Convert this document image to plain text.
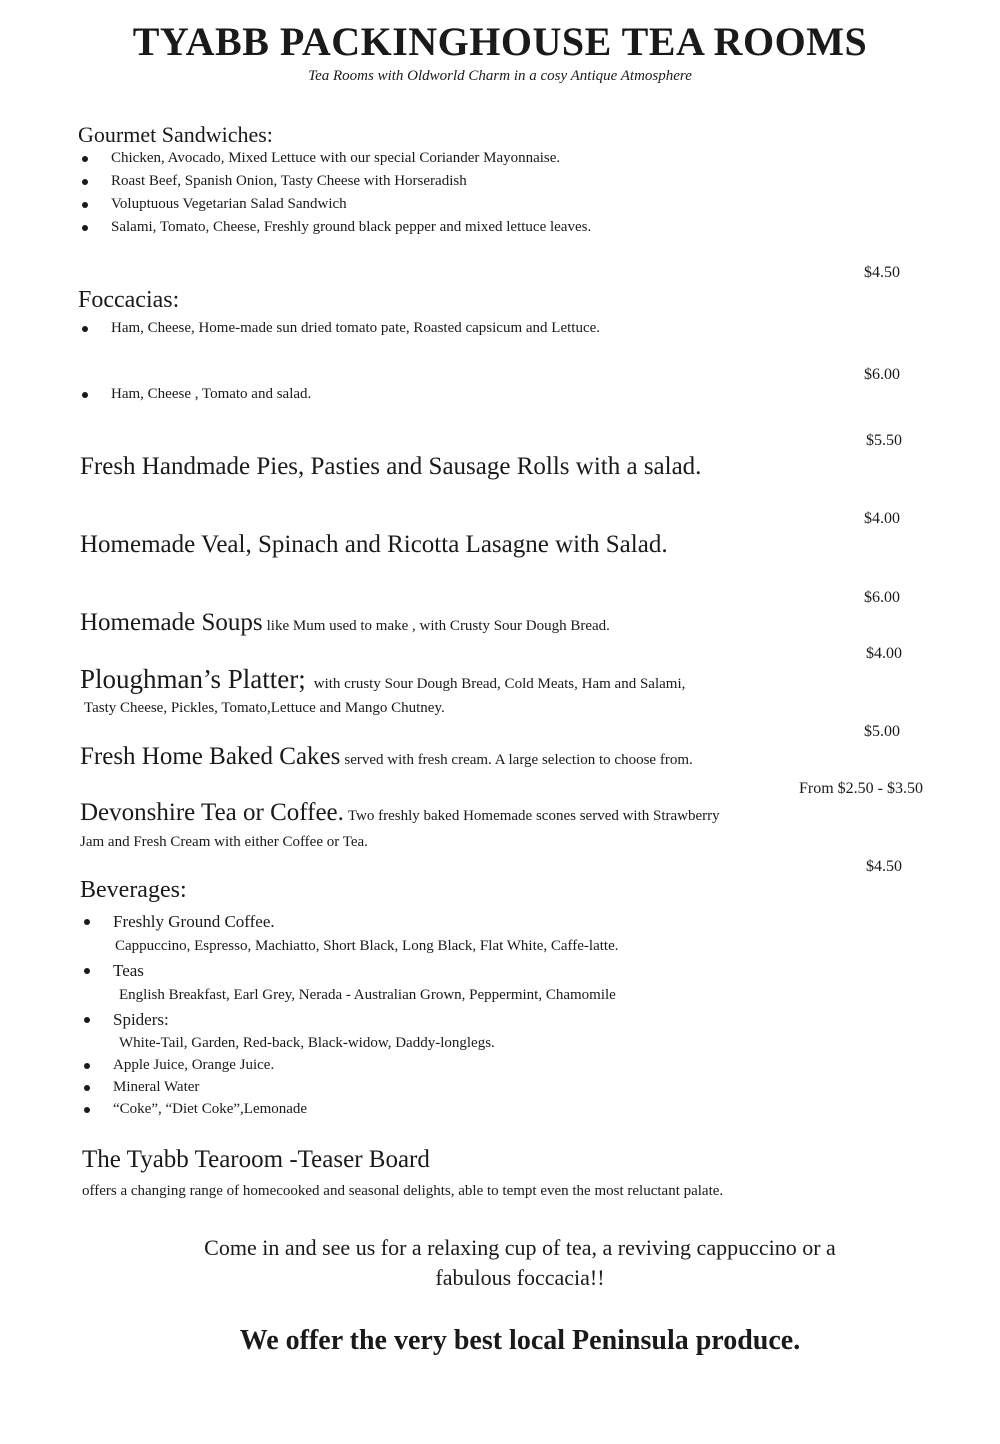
TYABB PACKINGHOUSE TEA ROOMS
Tea Rooms with Oldworld Charm in a cosy Antique Atmosphere
Gourmet Sandwiches:
Chicken, Avocado, Mixed Lettuce with our special Coriander Mayonnaise.
Roast Beef, Spanish Onion, Tasty Cheese with Horseradish
Voluptuous Vegetarian Salad Sandwich
Salami, Tomato, Cheese, Freshly ground black pepper and mixed lettuce leaves.
$4.50
Foccacias:
Ham, Cheese, Home-made sun dried tomato pate, Roasted capsicum and Lettuce.
$6.00
Ham, Cheese , Tomato and salad.
$5.50
Fresh Handmade Pies, Pasties and Sausage Rolls with a salad.
$4.00
Homemade Veal, Spinach and Ricotta Lasagne with Salad.
$6.00
Homemade Soups like Mum used to make , with Crusty Sour Dough Bread.
$4.00
Ploughman’s Platter; with crusty Sour Dough Bread, Cold Meats, Ham and Salami,
Tasty Cheese, Pickles, Tomato,Lettuce and Mango Chutney.
$5.00
Fresh Home Baked Cakes served with fresh cream. A large selection to choose from.
From $2.50 - $3.50
Devonshire Tea or Coffee. Two freshly baked Homemade scones served with Strawberry
Jam and Fresh Cream with either Coffee or Tea.
$4.50
Beverages:
Freshly Ground Coffee.
Cappuccino, Espresso, Machiatto, Short Black, Long Black, Flat White, Caffe-latte.
Teas
English Breakfast, Earl Grey, Nerada - Australian Grown, Peppermint, Chamomile
Spiders:
White-Tail, Garden, Red-back, Black-widow, Daddy-longlegs.
Apple Juice, Orange Juice.
Mineral Water
“Coke”, “Diet Coke”,Lemonade
The Tyabb Tearoom -Teaser Board
offers a changing range of homecooked and seasonal delights, able to tempt even the most reluctant palate.
Come in and see us for a relaxing cup of tea, a reviving cappuccino or a
fabulous foccacia!!
We offer the very best local Peninsula produce.
